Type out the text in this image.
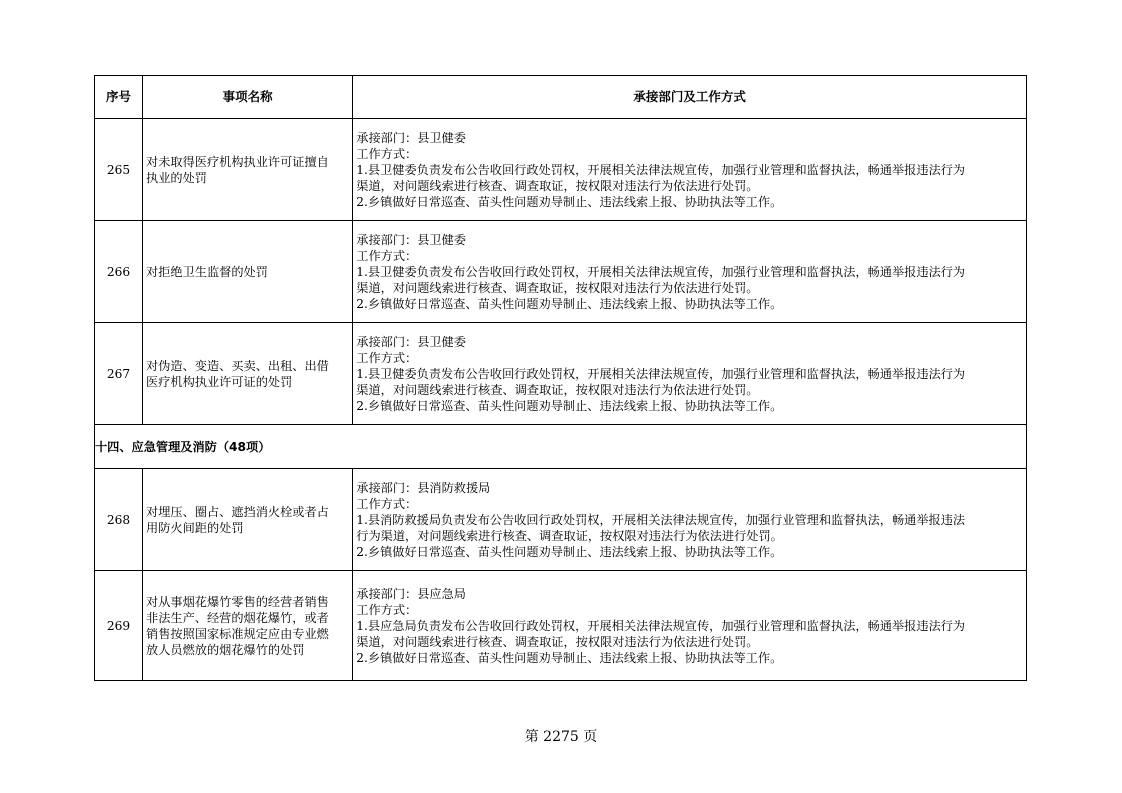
序号	事项名称	承接部门及工作方式
265	对未取得医疗机构执业许可证擅自
执业的处罚	承接部门：县卫健委
工作方式：
1.县卫健委负责发布公告收回行政处罚权，开展相关法律法规宣传，加强行业管理和监督执法，畅通举报违法行为
渠道，对问题线索进行核查、调查取证，按权限对违法行为依法进行处罚。
2.乡镇做好日常巡查、苗头性问题劝导制止、违法线索上报、协助执法等工作。

266	对拒绝卫生监督的处罚	承接部门：县卫健委
工作方式：
1.县卫健委负责发布公告收回行政处罚权，开展相关法律法规宣传，加强行业管理和监督执法，畅通举报违法行为
渠道，对问题线索进行核查、调查取证，按权限对违法行为依法进行处罚。
2.乡镇做好日常巡查、苗头性问题劝导制止、违法线索上报、协助执法等工作。

267	对伪造、变造、买卖、出租、出借
医疗机构执业许可证的处罚	承接部门：县卫健委
工作方式：
1.县卫健委负责发布公告收回行政处罚权，开展相关法律法规宣传，加强行业管理和监督执法，畅通举报违法行为
渠道，对问题线索进行核查、调查取证，按权限对违法行为依法进行处罚。
2.乡镇做好日常巡查、苗头性问题劝导制止、违法线索上报、协助执法等工作。

十四、应急管理及消防（48项）		
268	对埋压、圈占、遮挡消火栓或者占
用防火间距的处罚	承接部门：县消防救援局
工作方式：
1.县消防救援局负责发布公告收回行政处罚权，开展相关法律法规宣传，加强行业管理和监督执法，畅通举报违法
行为渠道，对问题线索进行核查、调查取证，按权限对违法行为依法进行处罚。
2.乡镇做好日常巡查、苗头性问题劝导制止、违法线索上报、协助执法等工作。

269	对从事烟花爆竹零售的经营者销售
非法生产、经营的烟花爆竹，或者
销售按照国家标准规定应由专业燃
放人员燃放的烟花爆竹的处罚	承接部门：县应急局
工作方式：
1.县应急局负责发布公告收回行政处罚权，开展相关法律法规宣传，加强行业管理和监督执法，畅通举报违法行为
渠道，对问题线索进行核查、调查取证，按权限对违法行为依法进行处罚。
2.乡镇做好日常巡查、苗头性问题劝导制止、违法线索上报、协助执法等工作。
第 2275 页
